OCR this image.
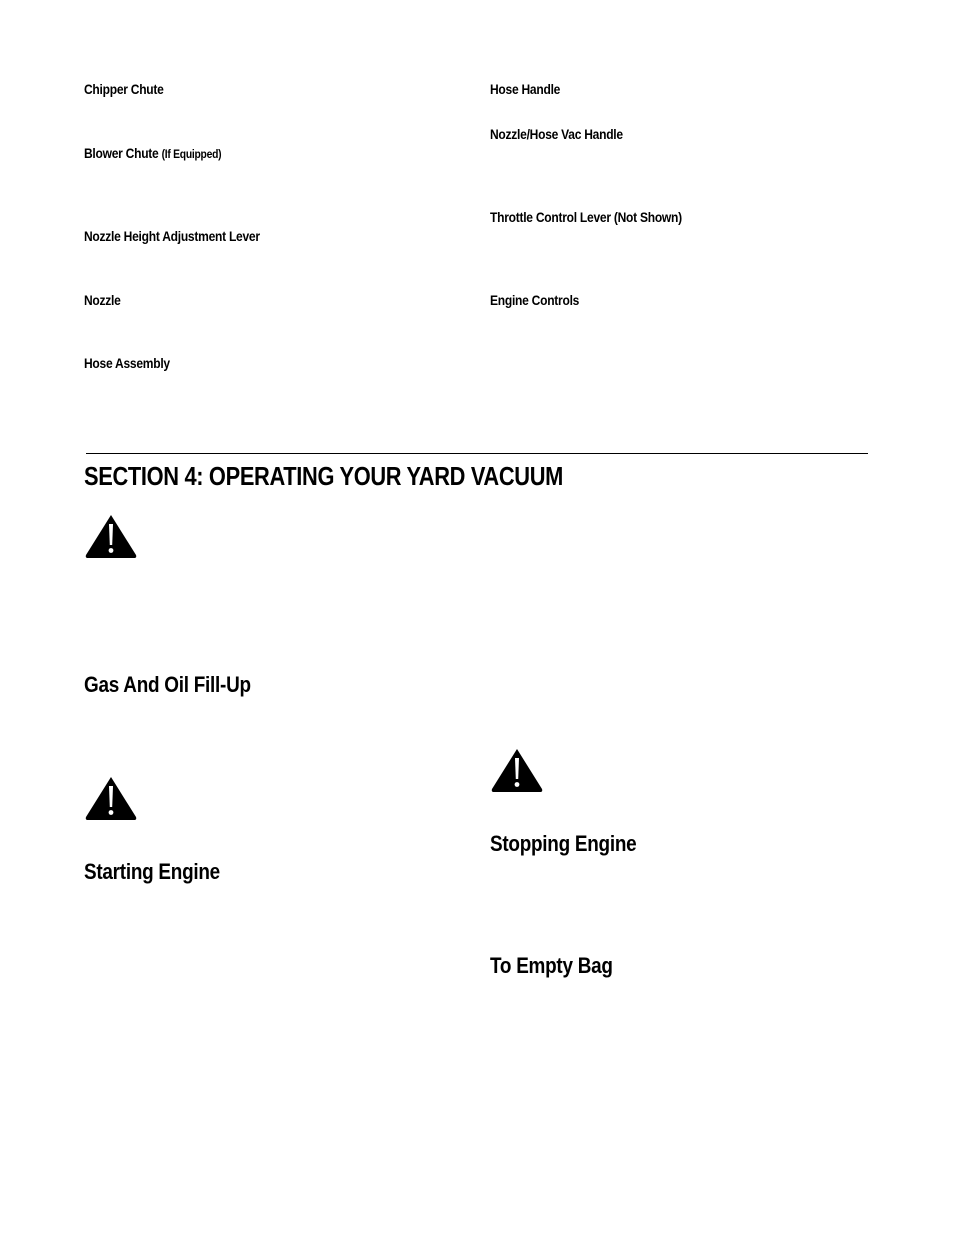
Chipper Chute
Blower Chute (If Equipped)
Nozzle Height Adjustment Lever
Nozzle
Hose Assembly
Hose Handle
Nozzle/Hose Vac Handle
Throttle Control Lever (Not Shown)
Engine Controls
SECTION 4: OPERATING YOUR YARD VACUUM
Gas And Oil Fill-Up
Stopping Engine
Starting Engine
To Empty Bag
